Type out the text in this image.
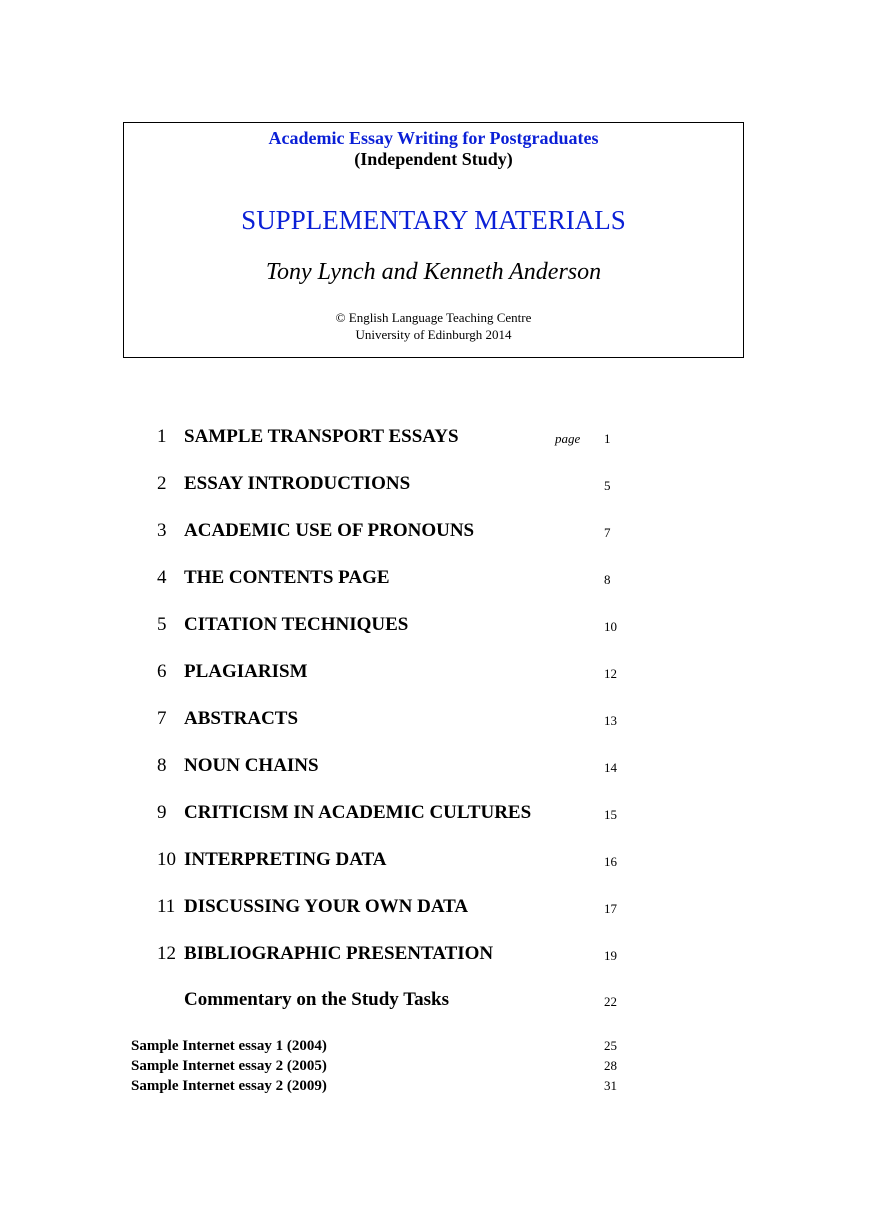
Academic Essay Writing for Postgraduates
(Independent Study)
SUPPLEMENTARY MATERIALS
Tony Lynch and Kenneth Anderson
© English Language Teaching Centre
University of Edinburgh 2014
1 SAMPLE TRANSPORT ESSAYS	page 1
2 ESSAY INTRODUCTIONS	5
3 ACADEMIC USE OF PRONOUNS	7
4 THE CONTENTS PAGE	8
5 CITATION TECHNIQUES	10
6 PLAGIARISM	12
7 ABSTRACTS	13
8 NOUN CHAINS	14
9 CRITICISM IN ACADEMIC CULTURES	15
10 INTERPRETING DATA	16
11 DISCUSSING YOUR OWN DATA	17
12 BIBLIOGRAPHIC PRESENTATION	19
Commentary on the Study Tasks	22
Sample Internet essay 1 (2004)	25
Sample Internet essay 2 (2005)	28
Sample Internet essay 2 (2009)	31
